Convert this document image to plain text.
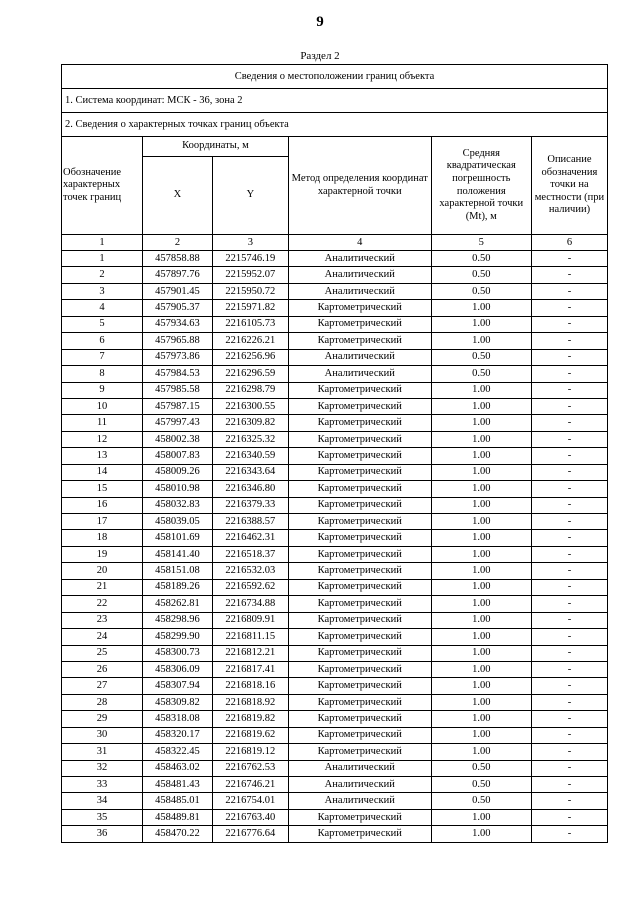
9
Раздел 2
Сведения о местоположении границ объекта					
1. Система координат: МСК - 36, зона 2					
2. Сведения о характерных точках границ объекта					
Обозначение характерных точек границ	Координаты, м		Метод определения координат характерной точки	Средняя квадратическая погрешность положения характерной точки (Mt), м	Описание обозначения точки на местности (при наличии)
	X	Y			
1	2	3	4	5	6
1	457858.88	2215746.19	Аналитический	0.50	-
2	457897.76	2215952.07	Аналитический	0.50	-
3	457901.45	2215950.72	Аналитический	0.50	-
4	457905.37	2215971.82	Картометрический	1.00	-
5	457934.63	2216105.73	Картометрический	1.00	-
6	457965.88	2216226.21	Картометрический	1.00	-
7	457973.86	2216256.96	Аналитический	0.50	-
8	457984.53	2216296.59	Аналитический	0.50	-
9	457985.58	2216298.79	Картометрический	1.00	-
10	457987.15	2216300.55	Картометрический	1.00	-
11	457997.43	2216309.82	Картометрический	1.00	-
12	458002.38	2216325.32	Картометрический	1.00	-
13	458007.83	2216340.59	Картометрический	1.00	-
14	458009.26	2216343.64	Картометрический	1.00	-
15	458010.98	2216346.80	Картометрический	1.00	-
16	458032.83	2216379.33	Картометрический	1.00	-
17	458039.05	2216388.57	Картометрический	1.00	-
18	458101.69	2216462.31	Картометрический	1.00	-
19	458141.40	2216518.37	Картометрический	1.00	-
20	458151.08	2216532.03	Картометрический	1.00	-
21	458189.26	2216592.62	Картометрический	1.00	-
22	458262.81	2216734.88	Картометрический	1.00	-
23	458298.96	2216809.91	Картометрический	1.00	-
24	458299.90	2216811.15	Картометрический	1.00	-
25	458300.73	2216812.21	Картометрический	1.00	-
26	458306.09	2216817.41	Картометрический	1.00	-
27	458307.94	2216818.16	Картометрический	1.00	-
28	458309.82	2216818.92	Картометрический	1.00	-
29	458318.08	2216819.82	Картометрический	1.00	-
30	458320.17	2216819.62	Картометрический	1.00	-
31	458322.45	2216819.12	Картометрический	1.00	-
32	458463.02	2216762.53	Аналитический	0.50	-
33	458481.43	2216746.21	Аналитический	0.50	-
34	458485.01	2216754.01	Аналитический	0.50	-
35	458489.81	2216763.40	Картометрический	1.00	-
36	458470.22	2216776.64	Картометрический	1.00	-
